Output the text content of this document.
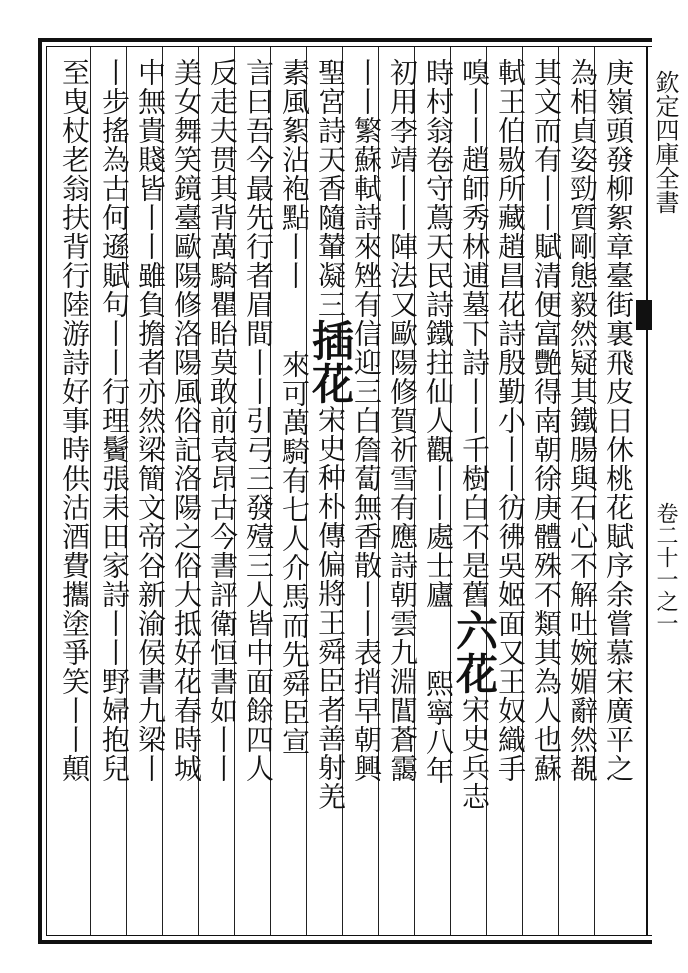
庚嶺頭發柳絮章臺街裏飛皮日休桃花賦序余嘗慕宋廣平之
為相貞姿勁質剛態毅然疑其鐵腸與石心不解吐婉媚辭然覩
其文而有丨丨賦清便富艷得南朝徐庚體殊不類其為人也蘇
軾王伯敭所藏趙昌花詩殷勤小丨丨彷彿吳姬面又王奴織手
嗅丨丨趙師秀林逋墓下詩丨丨千樹白不是舊六花宋史兵志
時村翁卷守蔦天民詩鐵拄仙人觀丨丨處士廬熙寧八年
初用李靖丨丨陣法又歐陽修賀祈雪有應詩朝雲九淵閶蒼靄
丨丨繁蘇軾詩來矬有信迎三白詹蔔無香散丨丨表捎早朝興
聖宮詩天香隨輦凝三插花宋史种朴傳偏將王舜臣者善射羌
素風絮沾袍點丨丨來可萬騎有七人介馬而先舜臣宣
言曰吾今最先行者眉間丨丨引弓三發殪三人皆中面餘四人
反走夫贯其背萬騎瞿眙莫敢前袁昂古今書評衛恒書如丨丨
美女舞笑鏡臺歐陽修洛陽風俗記洛陽之俗大抵好花春時城
中無貴賤皆丨丨雖負擔者亦然梁簡文帝谷新渝侯書九梁丨
丨步搖為古何遜賦句丨丨行理鬢張耒田家詩丨丨野婦抱兒
至曳杖老翁扶背行陸游詩好事時供沽酒費攜塗爭笑丨丨顛	欽定四庫全書 卷二十一之一
